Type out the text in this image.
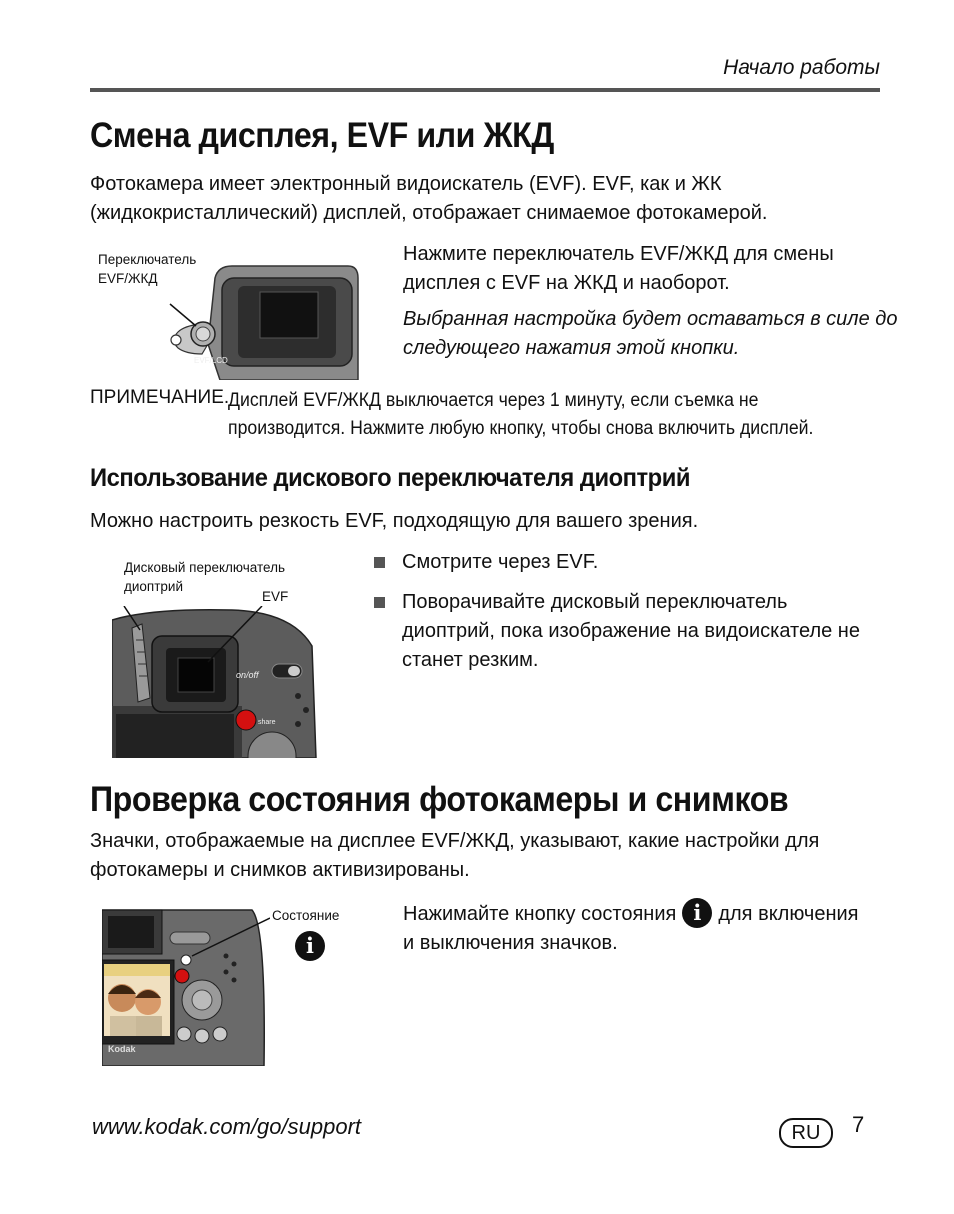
Начало работы
Смена дисплея, EVF или ЖКД
Фотокамера имеет электронный видоискатель (EVF). EVF, как и ЖК
(жидкокристаллический) дисплей, отображает снимаемое фотокамерой.
Переключатель
EVF/ЖКД
EVF/LCD
Нажмите переключатель EVF/ЖКД для смены
дисплея с EVF на ЖКД и наоборот.
Выбранная настройка будет оставаться в силе до
следующего нажатия этой кнопки.
ПРИМЕЧАНИЕ.
Дисплей EVF/ЖКД выключается через 1 минуту, если съемка не
производится. Нажмите любую кнопку, чтобы снова включить дисплей.
Использование дискового переключателя диоптрий
Можно настроить резкость EVF, подходящую для вашего зрения.
Дисковый переключатель
диоптрий
EVF
on/off
share
Смотрите через EVF.
Поворачивайте дисковый переключатель
диоптрий, пока изображение на видоискателе не
станет резким.
Проверка состояния фотокамеры и снимков
Значки, отображаемые на дисплее EVF/ЖКД, указывают, какие настройки для
фотокамеры и снимков активизированы.
Состояние
i
Kodak
Нажимайте кнопку состояния i для включения
и выключения значков.
www.kodak.com/go/support	RU	7
